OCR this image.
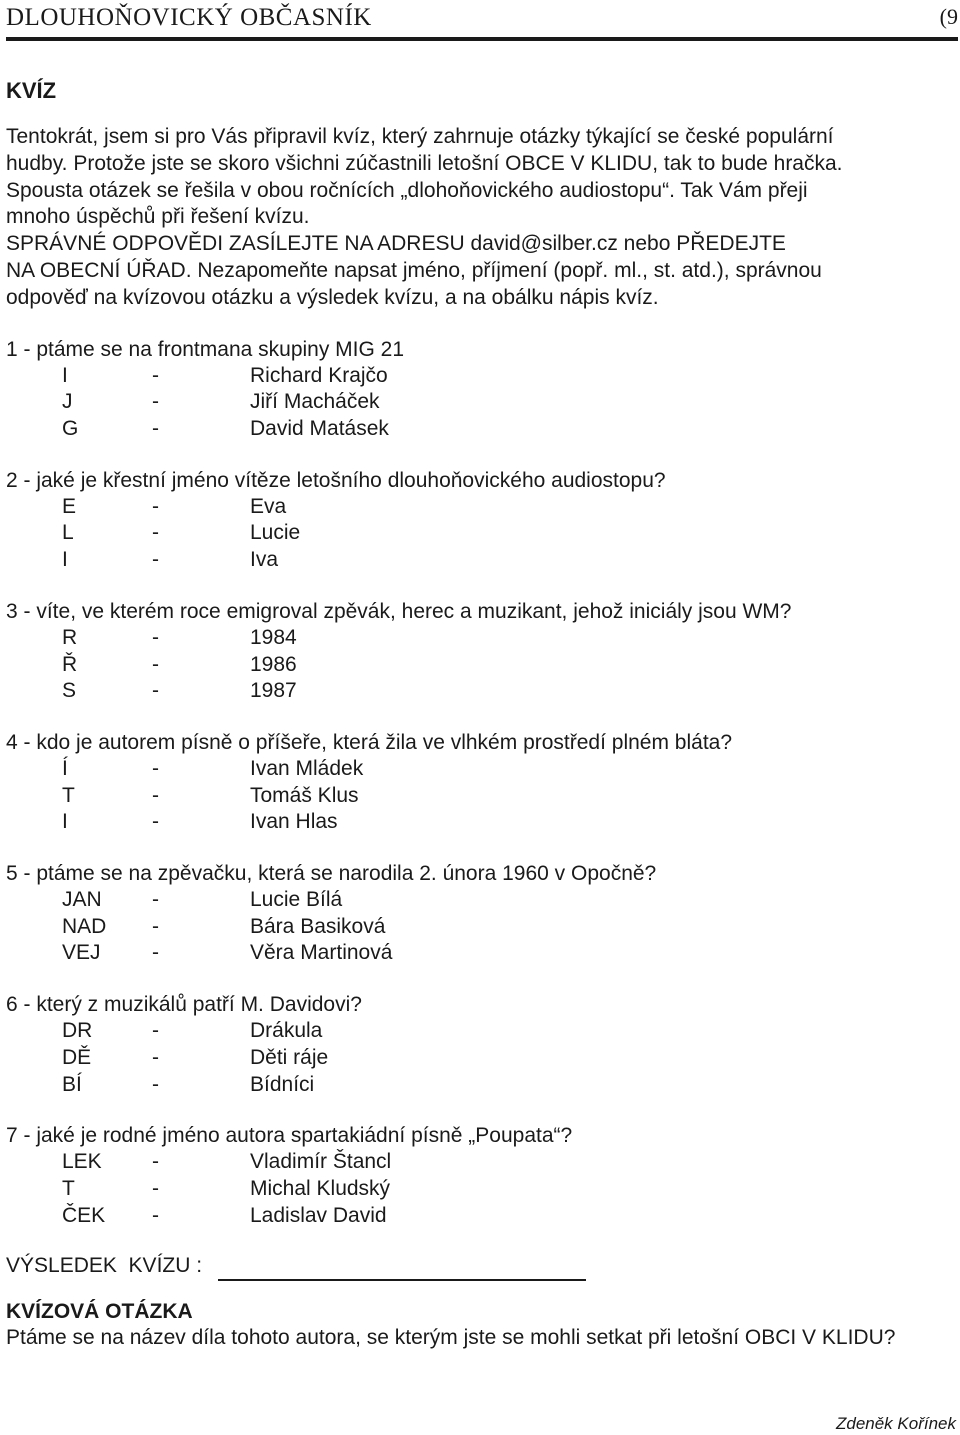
DLOUHOŇOVICKÝ OBČASNÍK	(9
KVÍZ
Tentokrát, jsem si pro Vás připravil kvíz, který zahrnuje otázky týkající se české populární
hudby. Protože jste se skoro všichni zúčastnili letošní OBCE V KLIDU, tak to bude hračka.
Spousta otázek se řešila v obou ročnících „dlohoňovického audiostopu“. Tak Vám přeji
mnoho úspěchů při řešení kvízu.
SPRÁVNÉ ODPOVĚDI ZASÍLEJTE NA ADRESU david@silber.cz nebo PŘEDEJTE
NA OBECNÍ ÚŘAD. Nezapomeňte napsat jméno, příjmení (popř. ml., st. atd.), správnou
odpověď na kvízovou otázku a výsledek kvízu, a na obálku nápis kvíz.
1 - ptáme se na frontmana skupiny MIG 21
I	-	Richard Krajčo
J	-	Jiří Macháček
G	-	David Matásek
2 - jaké je křestní jméno vítěze letošního dlouhoňovického audiostopu?
E	-	Eva
L	-	Lucie
I	-	Iva
3 - víte, ve kterém roce emigroval zpěvák, herec a muzikant, jehož iniciály jsou WM?
R	-	1984
Ř	-	1986
S	-	1987
4 - kdo je autorem písně o příšeře, která žila ve vlhkém prostředí plném bláta?
Í	-	Ivan Mládek
T	-	Tomáš Klus
I	-	Ivan Hlas
5 - ptáme se na zpěvačku, která se narodila 2. února 1960 v Opočně?
JAN	-	Lucie Bílá
NAD	-	Bára Basiková
VEJ	-	Věra Martinová
6 - který z muzikálů patří M. Davidovi?
DR	-	Drákula
DĚ	-	Děti ráje
BÍ	-	Bídníci
7 - jaké je rodné jméno autora spartakiádní písně „Poupata“?
LEK	-	Vladimír Štancl
T	-	Michal Kludský
ČEK	-	Ladislav David
VÝSLEDEK  KVÍZU :
KVÍZOVÁ OTÁZKA
Ptáme se na název díla tohoto autora, se kterým jste se mohli setkat při letošní OBCI V KLIDU?
Zdeněk Kořínek
